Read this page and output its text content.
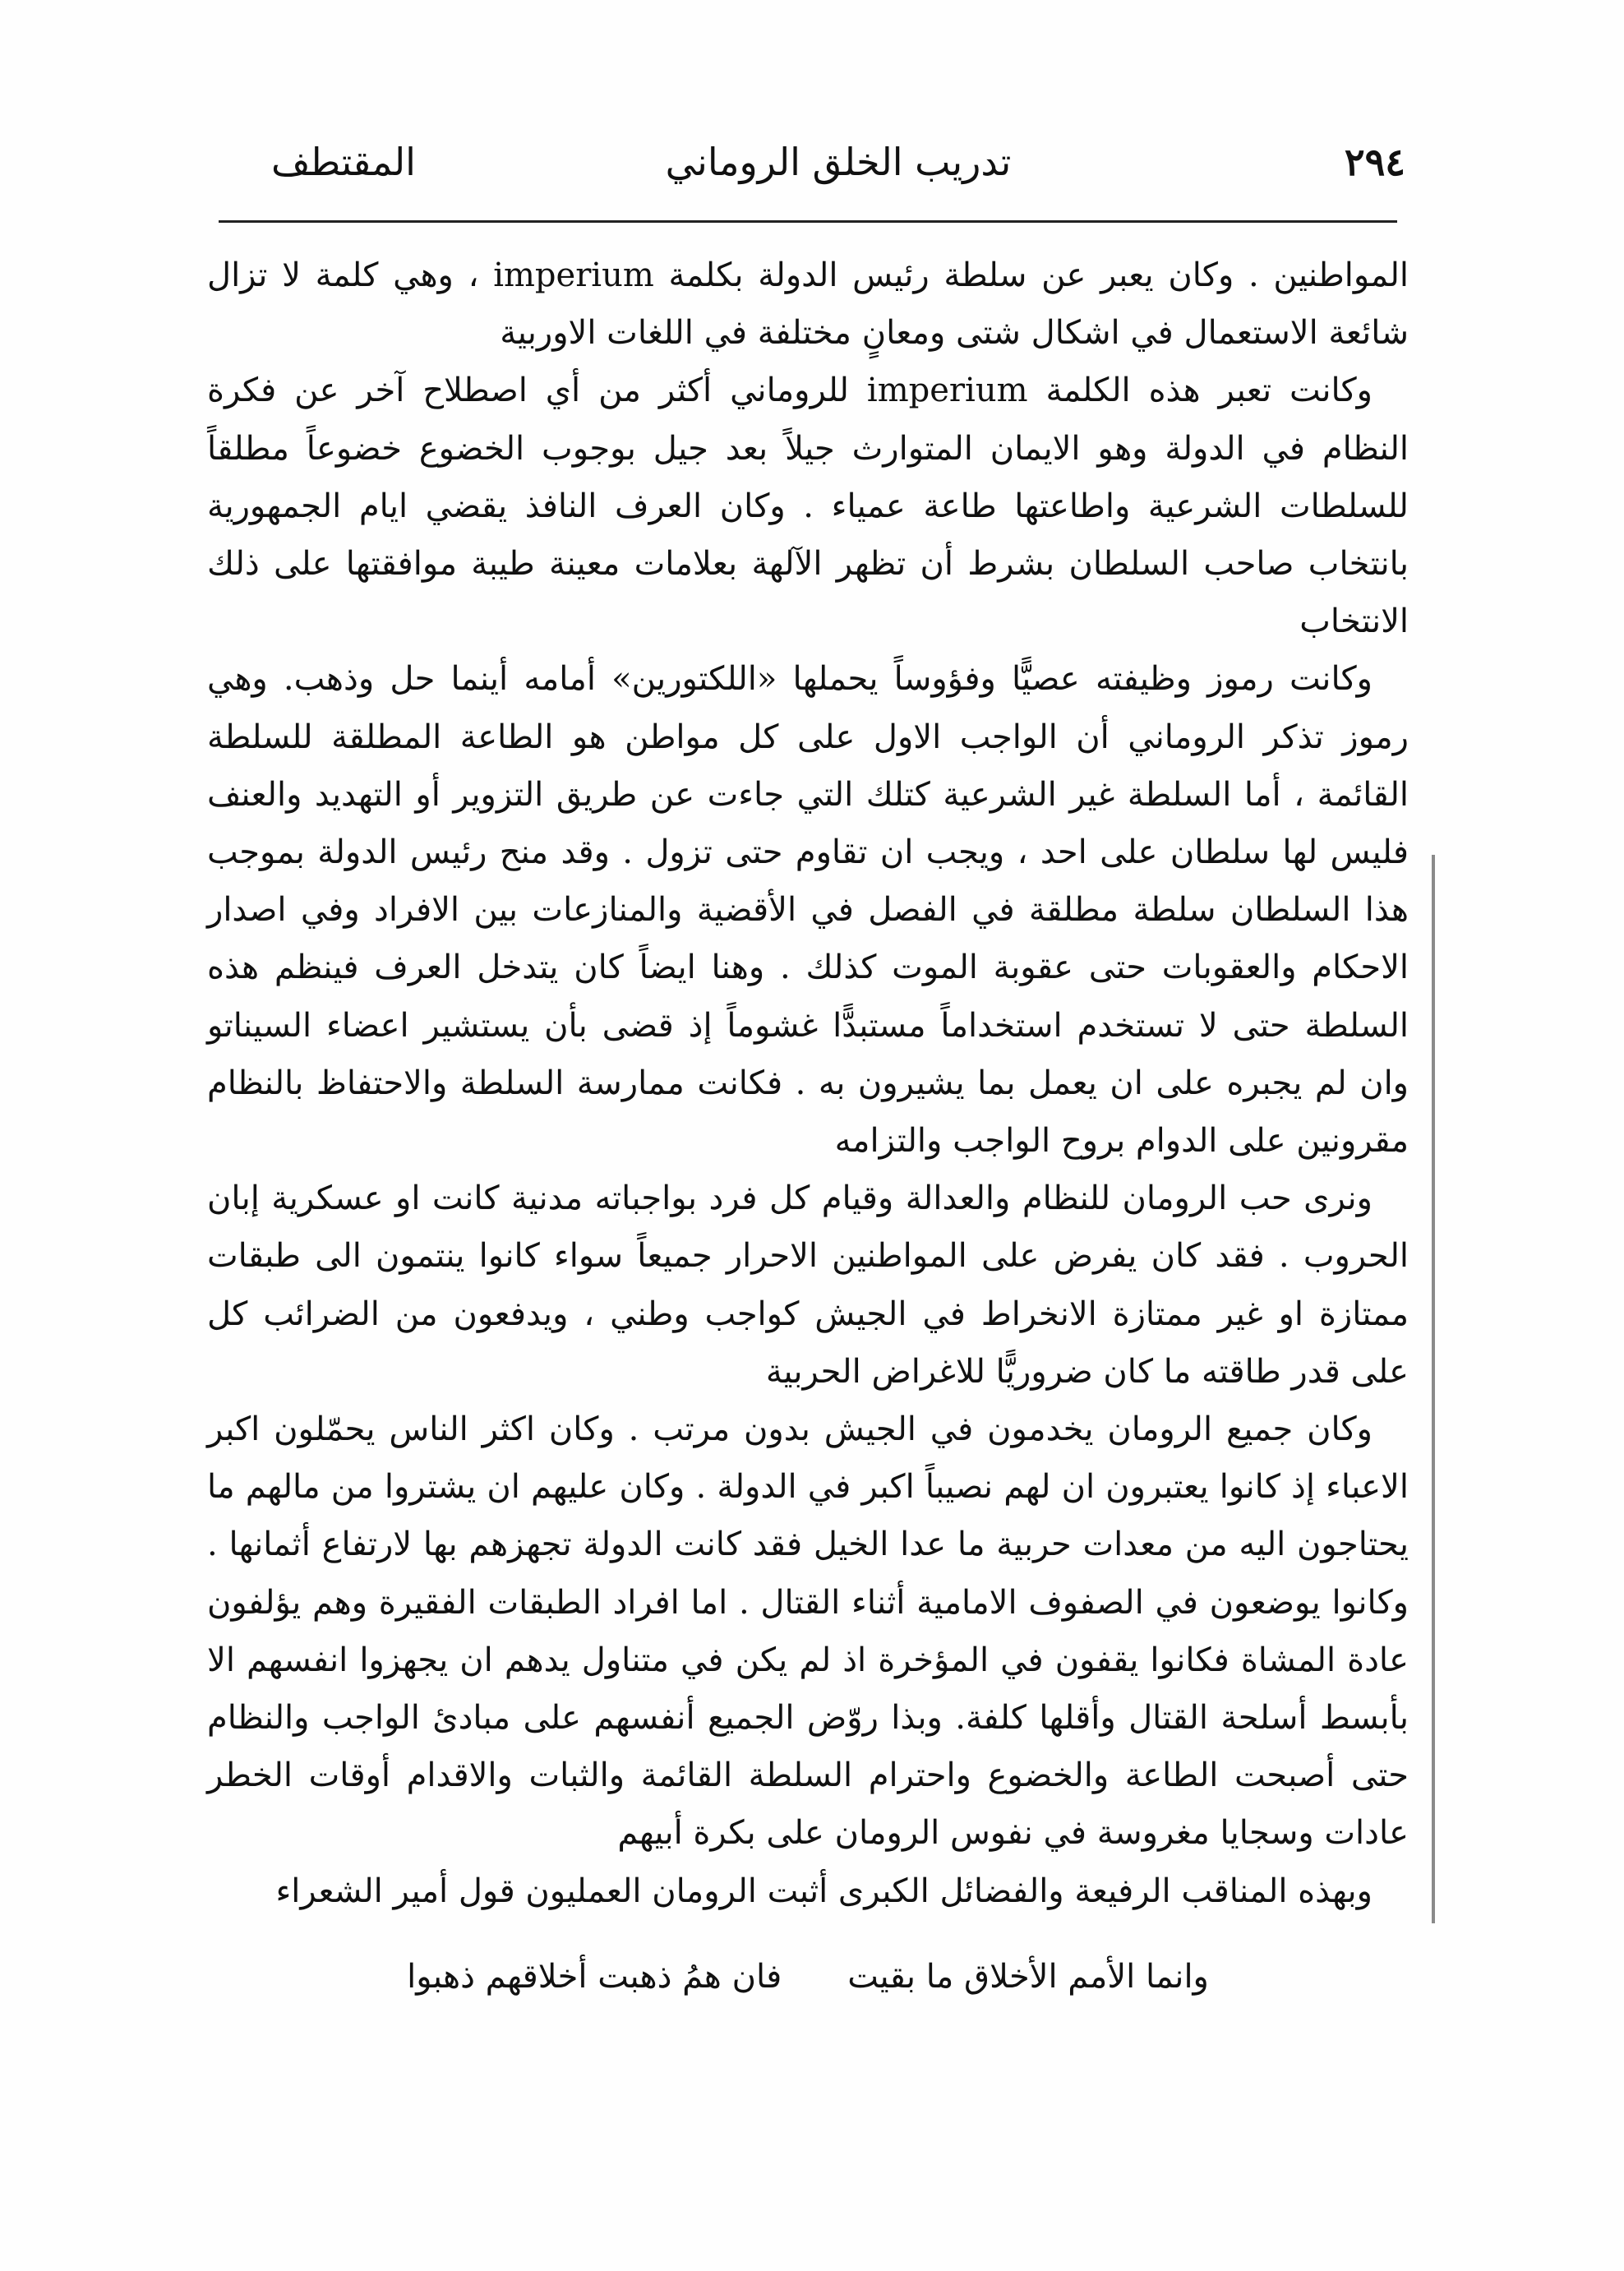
٢٩٤
تدريب الخلق الروماني
المقتطف

المواطنين . وكان يعبر عن سلطة رئيس الدولة بكلمة imperium ، وهي كلمة لا تزال شائعة الاستعمال في اشكال شتى ومعانٍ مختلفة في اللغات الاوربية

وكانت تعبر هذه الكلمة imperium للروماني أكثر من أي اصطلاح آخر عن فكرة النظام في الدولة وهو الايمان المتوارث جيلاً بعد جيل بوجوب الخضوع خضوعاً مطلقاً للسلطات الشرعية واطاعتها طاعة عمياء . وكان العرف النافذ يقضي ايام الجمهورية بانتخاب صاحب السلطان بشرط أن تظهر الآلهة بعلامات معينة طيبة موافقتها على ذلك الانتخاب

وكانت رموز وظيفته عصيًّا وفؤوساً يحملها «اللكتورين» أمامه أينما حل وذهب. وهي رموز تذكر الروماني أن الواجب الاول على كل مواطن هو الطاعة المطلقة للسلطة القائمة ، أما السلطة غير الشرعية كتلك التي جاءت عن طريق التزوير أو التهديد والعنف فليس لها سلطان على احد ، ويجب ان تقاوم حتى تزول . وقد منح رئيس الدولة بموجب هذا السلطان سلطة مطلقة في الفصل في الأقضية والمنازعات بين الافراد وفي اصدار الاحكام والعقوبات حتى عقوبة الموت كذلك . وهنا ايضاً كان يتدخل العرف فينظم هذه السلطة حتى لا تستخدم استخداماً مستبدًّا غشوماً إذ قضى بأن يستشير اعضاء السيناتو وان لم يجبره على ان يعمل بما يشيرون به . فكانت ممارسة السلطة والاحتفاظ بالنظام مقرونين على الدوام بروح الواجب والتزامه

ونرى حب الرومان للنظام والعدالة وقيام كل فرد بواجباته مدنية كانت او عسكرية إبان الحروب . فقد كان يفرض على المواطنين الاحرار جميعاً سواء كانوا ينتمون الى طبقات ممتازة او غير ممتازة الانخراط في الجيش كواجب وطني ، ويدفعون من الضرائب كل على قدر طاقته ما كان ضروريًّا للاغراض الحربية

وكان جميع الرومان يخدمون في الجيش بدون مرتب . وكان اكثر الناس يحمّلون اكبر الاعباء إذ كانوا يعتبرون ان لهم نصيباً اكبر في الدولة . وكان عليهم ان يشتروا من مالهم ما يحتاجون اليه من معدات حربية ما عدا الخيل فقد كانت الدولة تجهزهم بها لارتفاع أثمانها . وكانوا يوضعون في الصفوف الامامية أثناء القتال . اما افراد الطبقات الفقيرة وهم يؤلفون عادة المشاة فكانوا يقفون في المؤخرة اذ لم يكن في متناول يدهم ان يجهزوا انفسهم الا بأبسط أسلحة القتال وأقلها كلفة. وبذا روّض الجميع أنفسهم على مبادئ الواجب والنظام حتى أصبحت الطاعة والخضوع واحترام السلطة القائمة والثبات والاقدام أوقات الخطر عادات وسجايا مغروسة في نفوس الرومان على بكرة أبيهم

وبهذه المناقب الرفيعة والفضائل الكبرى أثبت الرومان العمليون قول أمير الشعراء

وانما الأمم الأخلاق ما بقيت
فان همُ ذهبت أخلاقهم ذهبوا
